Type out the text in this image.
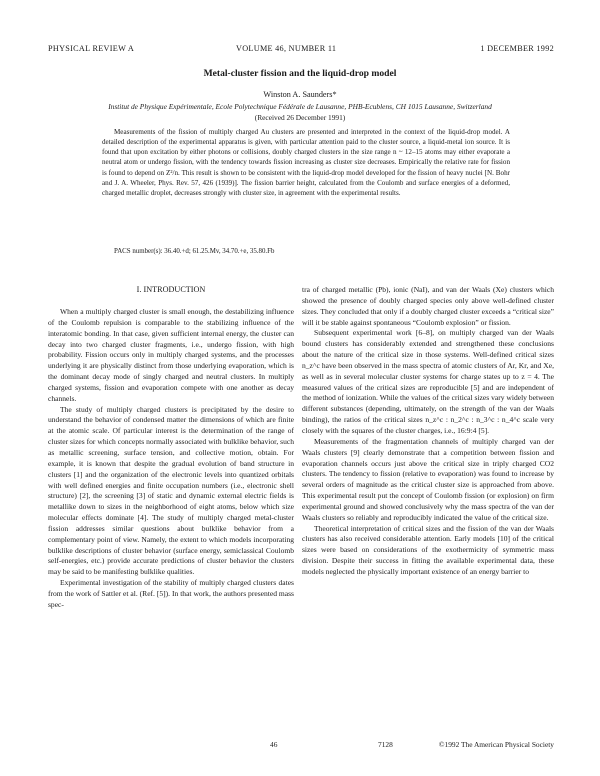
PHYSICAL REVIEW A	VOLUME 46, NUMBER 11	1 DECEMBER 1992
Metal-cluster fission and the liquid-drop model
Winston A. Saunders*
Institut de Physique Expérimentale, Ecole Polytechnique Fédérale de Lausanne, PHB-Ecublens, CH 1015 Lausanne, Switzerland
(Received 26 December 1991)

Measurements of the fission of multiply charged Au clusters are presented and interpreted in the context of the liquid-drop model. A detailed description of the experimental apparatus is given, with particular attention paid to the cluster source, a liquid-metal ion source. It is found that upon excitation by either photons or collisions, doubly charged clusters in the size range n ~ 12–15 atoms may either evaporate a neutral atom or undergo fission, with the tendency towards fission increasing as cluster size decreases. Empirically the relative rate for fission is found to depend on Z²/n. This result is shown to be consistent with the liquid-drop model developed for the fission of heavy nuclei [N. Bohr and J. A. Wheeler, Phys. Rev. 57, 426 (1939)]. The fission barrier height, calculated from the Coulomb and surface energies of a deformed, charged metallic droplet, decreases strongly with cluster size, in agreement with the experimental results.

PACS number(s): 36.40.+d; 61.25.Mv, 34.70.+e, 35.80.Fb
I. INTRODUCTION

When a multiply charged cluster is small enough, the destabilizing influence of the Coulomb repulsion is comparable to the stabilizing influence of the interatomic bonding. In that case, given sufficient internal energy, the cluster can decay into two charged cluster fragments, i.e., undergo fission, with high probability. Fission occurs only in multiply charged systems, and the processes underlying it are physically distinct from those underlying evaporation, which is the dominant decay mode of singly charged and neutral clusters. In multiply charged systems, fission and evaporation compete with one another as decay channels.

The study of multiply charged clusters is precipitated by the desire to understand the behavior of condensed matter the dimensions of which are finite at the atomic scale. Of particular interest is the determination of the range of cluster sizes for which concepts normally associated with bulklike behavior, such as metallic screening, surface tension, and collective motion, obtain. For example, it is known that despite the gradual evolution of band structure in clusters [1] and the organization of the electronic levels into quantized orbitals with well defined energies and finite occupation numbers (i.e., electronic shell structure) [2], the screening [3] of static and dynamic external electric fields is metallike down to sizes in the neighborhood of eight atoms, below which size molecular effects dominate [4]. The study of multiply charged metal-cluster fission addresses similar questions about bulklike behavior from a complementary point of view. Namely, the extent to which models incorporating bulklike descriptions of cluster behavior (surface energy, semiclassical Coulomb self-energies, etc.) provide accurate predictions of cluster behavior the clusters may be said to be manifesting bulklike qualities.

Experimental investigation of the stability of multiply charged clusters dates from the work of Sattler et al. (Ref. [5]). In that work, the authors presented mass spec-

tra of charged metallic (Pb), ionic (NaI), and van der Waals (Xe) clusters which showed the presence of doubly charged species only above well-defined cluster sizes. They concluded that only if a doubly charged cluster exceeds a “critical size” will it be stable against spontaneous “Coulomb explosion” or fission.

Subsequent experimental work [6–8], on multiply charged van der Waals bound clusters has considerably extended and strengthened these conclusions about the nature of the critical size in those systems. Well-defined critical sizes n_z^c have been observed in the mass spectra of atomic clusters of Ar, Kr, and Xe, as well as in several molecular cluster systems for charge states up to z = 4. The measured values of the critical sizes are reproducible [5] and are independent of the method of ionization. While the values of the critical sizes vary widely between different substances (depending, ultimately, on the strength of the van der Waals binding), the ratios of the critical sizes n_z^c : n_2^c : n_3^c : n_4^c scale very closely with the squares of the cluster charges, i.e., 16:9:4 [5].

Measurements of the fragmentation channels of multiply charged van der Waals clusters [9] clearly demonstrate that a competition between fission and evaporation channels occurs just above the critical size in triply charged CO2 clusters. The tendency to fission (relative to evaporation) was found to increase by several orders of magnitude as the critical cluster size is approached from above. This experimental result put the concept of Coulomb fission (or explosion) on firm experimental ground and showed conclusively why the mass spectra of the van der Waals clusters so reliably and reproducibly indicated the value of the critical size.

Theoretical interpretation of critical sizes and the fission of the van der Waals clusters has also received considerable attention. Early models [10] of the critical sizes were based on considerations of the exothermicity of symmetric mass division. Despite their success in fitting the available experimental data, these models neglected the physically important existence of an energy barrier to

46	7128	©1992 The American Physical Society
